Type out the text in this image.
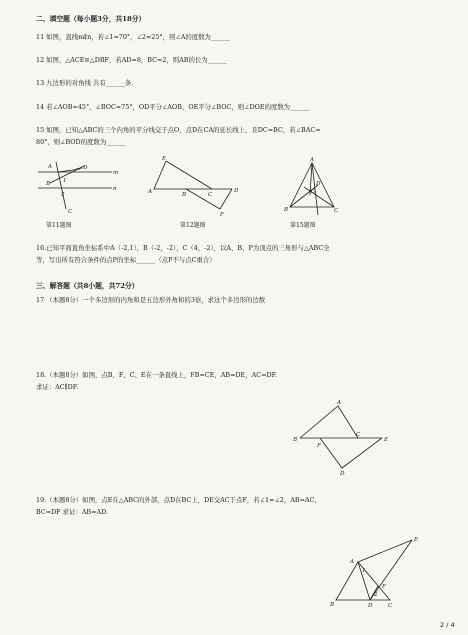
二、填空题（每小题3分，共18分）
11 如图，直线m∥n，若∠1=70°，∠2=25°，则∠A的度数为______
12 如图，△ACE≌△DBF，若AD=8，BC=2，则AB的长为______
13 九边形的对角线 共有______条.
14 若∠AOB=45°，∠BOC=75°，OD平分∠AOB，OE平分∠BOC，则∠DOE的度数为______
15 如图，已知△ABC的三个内角的平分线交于点O，点D在CA的延长线上，且DC=BC，若∠BAC=
80°，则∠BOD的度数为______
A
B
D
m
n
1
2
C
第11题图
E
A	B	C
D
F
第12题图
A
D
O
B	C
第15题图
16.已知平面直角坐标系中A（-2,1），B（-2，-2），C（4，-2），以A、B、P为顶点的三角形与△ABC全
等，写出所有符合条件的点P的坐标______（点P不与点C重合）
三、解答题（共8小题，共72分）
17 （本题8分）一个多边形的内角和是五边形外角和的3倍，求这个多边形的边数
18.（本题8分）如图，点B、F、C、E在一条直线上，FB=CE，AB=DE，AC=DF.
求证：AC∥DF.
A
B
F
C
E
D
19.（本题8分）如图，点E在△ABC的外部，点D在BC上，DE交AC于点F，若∠1=∠2，AB=AC，
BC=DF 求证：AB=AD.
A
E
B	D	C
F
1
2
2 / 4
